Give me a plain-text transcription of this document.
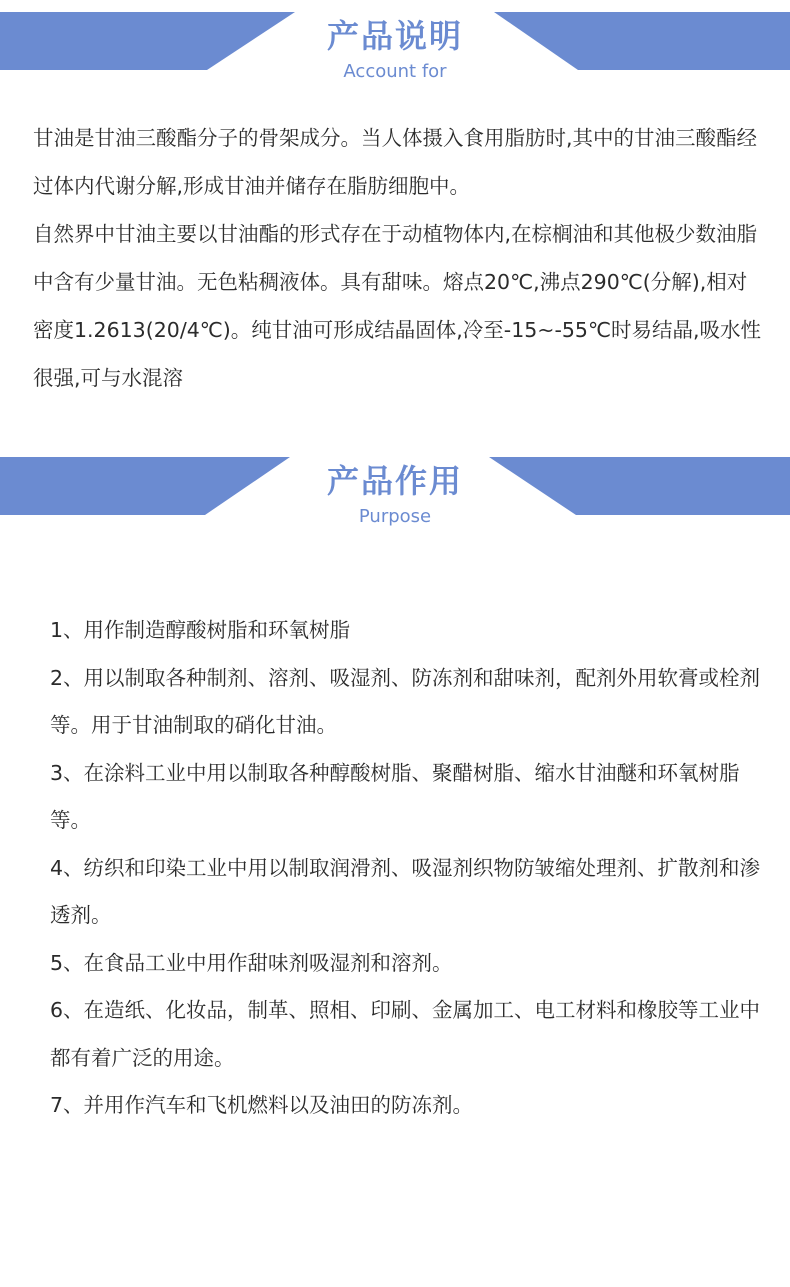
产品说明
Account for

甘油是甘油三酸酯分子的骨架成分。当人体摄入食用脂肪时,其中的甘油三酸酯经过体内代谢分解,形成甘油并储存在脂肪细胞中。

自然界中甘油主要以甘油酯的形式存在于动植物体内,在棕榈油和其他极少数油脂中含有少量甘油。无色粘稠液体。具有甜味。熔点20℃,沸点290℃(分解),相对密度1.2613(20/4℃)。纯甘油可形成结晶固体,冷至-15~-55℃时易结晶,吸水性很强,可与水混溶

产品作用
Purpose
1、用作制造醇酸树脂和环氧树脂
2、用以制取各种制剂、溶剂、吸湿剂、防冻剂和甜味剂，配剂外用软膏或栓剂等。用于甘油制取的硝化甘油。
3、在涂料工业中用以制取各种醇酸树脂、聚醋树脂、缩水甘油醚和环氧树脂等。
4、纺织和印染工业中用以制取润滑剂、吸湿剂织物防皱缩处理剂、扩散剂和渗透剂。
5、在食品工业中用作甜味剂吸湿剂和溶剂。
6、在造纸、化妆品，制革、照相、印刷、金属加工、电工材料和橡胶等工业中都有着广泛的用途。
7、并用作汽车和飞机燃料以及油田的防冻剂。
